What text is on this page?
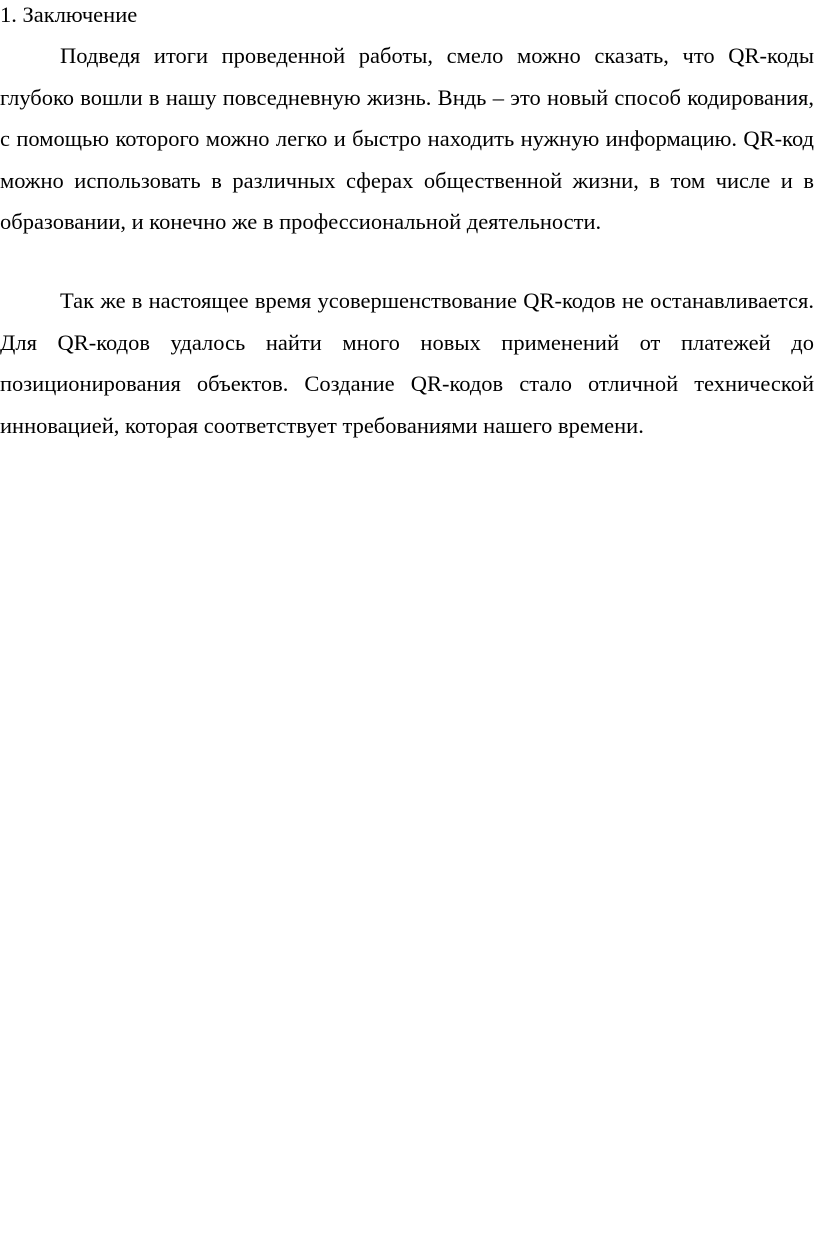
1. Заключение

Подведя итоги проведенной работы, смело можно сказать, что QR-коды глубоко вошли в нашу повседневную жизнь. Вндь – это новый способ кодирования, с помощью которого можно легко и быстро находить нужную информацию. QR-код можно использовать в различных сферах общественной жизни, в том числе и в образовании, и конечно же в профессиональной деятельности.

Так же в настоящее время усовершенствование QR-кодов не останавливается. Для QR-кодов удалось найти много новых применений от платежей до позиционирования объектов. Создание QR-кодов стало отличной технической инновацией, которая соответствует требованиями нашего времени.
